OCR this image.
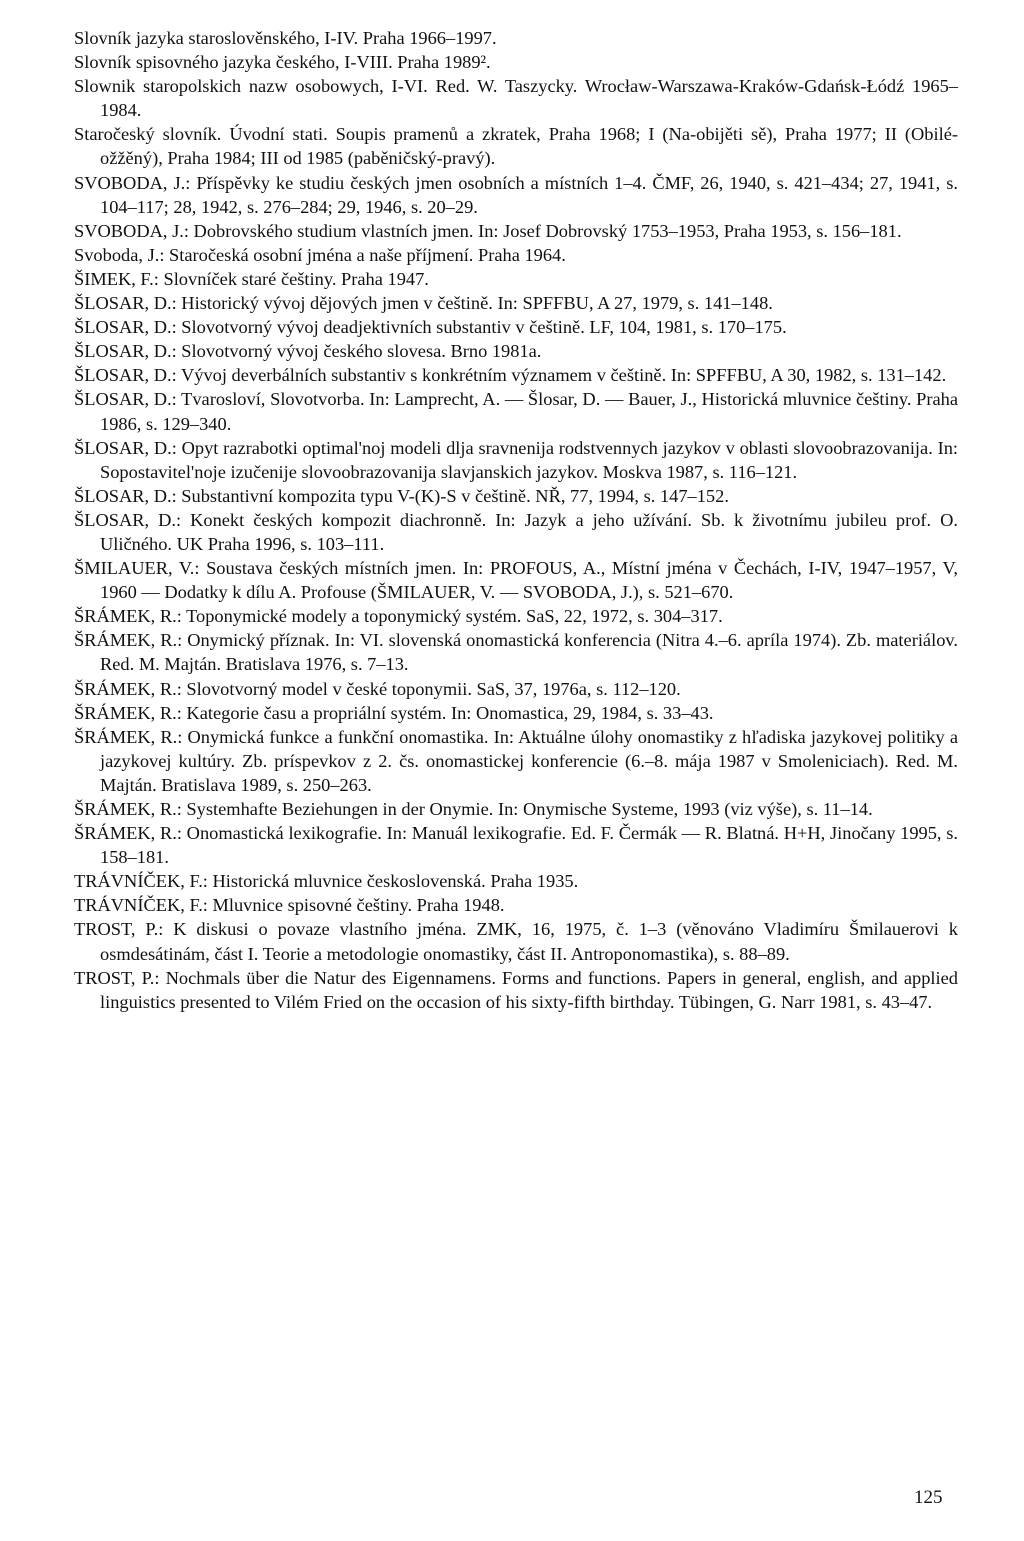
Slovník jazyka staroslověnského, I-IV. Praha 1966–1997.
Slovník spisovného jazyka českého, I-VIII. Praha 1989².
Slownik staropolskich nazw osobowych, I-VI. Red. W. Taszycky. Wrocław-Warszawa-Kraków-Gdańsk-Łódź 1965–1984.
Staročeský slovník. Úvodní stati. Soupis pramenů a zkratek, Praha 1968; I (Na-obijěti sě), Praha 1977; II (Obilé-ožžěný), Praha 1984; III od 1985 (paběničský-pravý).
SVOBODA, J.: Příspěvky ke studiu českých jmen osobních a místních 1–4. ČMF, 26, 1940, s. 421–434; 27, 1941, s. 104–117; 28, 1942, s. 276–284; 29, 1946, s. 20–29.
SVOBODA, J.: Dobrovského studium vlastních jmen. In: Josef Dobrovský 1753–1953, Praha 1953, s. 156–181.
Svoboda, J.: Staročeská osobní jména a naše příjmení. Praha 1964.
ŠIMEK, F.: Slovníček staré češtiny. Praha 1947.
ŠLOSAR, D.: Historický vývoj dějových jmen v češtině. In: SPFFBU, A 27, 1979, s. 141–148.
ŠLOSAR, D.: Slovotvorný vývoj deadjektivních substantiv v češtině. LF, 104, 1981, s. 170–175.
ŠLOSAR, D.: Slovotvorný vývoj českého slovesa. Brno 1981a.
ŠLOSAR, D.: Vývoj deverbálních substantiv s konkrétním významem v češtině. In: SPFFBU, A 30, 1982, s. 131–142.
ŠLOSAR, D.: Tvarosloví, Slovotvorba. In: Lamprecht, A. — Šlosar, D. — Bauer, J., Historická mluvnice češtiny. Praha 1986, s. 129–340.
ŠLOSAR, D.: Opyt razrabotki optimal'noj modeli dlja sravnenija rodstvennych jazykov v oblasti slovoobrazovanija. In: Sopostavitel'noje izučenije slovoobrazovanija slavjanskich jazykov. Moskva 1987, s. 116–121.
ŠLOSAR, D.: Substantivní kompozita typu V-(K)-S v češtině. NŘ, 77, 1994, s. 147–152.
ŠLOSAR, D.: Konekt českých kompozit diachronně. In: Jazyk a jeho užívání. Sb. k životnímu jubileu prof. O. Uličného. UK Praha 1996, s. 103–111.
ŠMILAUER, V.: Soustava českých místních jmen. In: PROFOUS, A., Místní jména v Čechách, I-IV, 1947–1957, V, 1960 — Dodatky k dílu A. Profouse (ŠMILAUER, V. — SVOBODA, J.), s. 521–670.
ŠRÁMEK, R.: Toponymické modely a toponymický systém. SaS, 22, 1972, s. 304–317.
ŠRÁMEK, R.: Onymický příznak. In: VI. slovenská onomastická konferencia (Nitra 4.–6. apríla 1974). Zb. materiálov. Red. M. Majtán. Bratislava 1976, s. 7–13.
ŠRÁMEK, R.: Slovotvorný model v české toponymii. SaS, 37, 1976a, s. 112–120.
ŠRÁMEK, R.: Kategorie času a propriální systém. In: Onomastica, 29, 1984, s. 33–43.
ŠRÁMEK, R.: Onymická funkce a funkční onomastika. In: Aktuálne úlohy onomastiky z hľadiska jazykovej politiky a jazykovej kultúry. Zb. príspevkov z 2. čs. onomastickej konferencie (6.–8. mája 1987 v Smoleniciach). Red. M. Majtán. Bratislava 1989, s. 250–263.
ŠRÁMEK, R.: Systemhafte Beziehungen in der Onymie. In: Onymische Systeme, 1993 (viz výše), s. 11–14.
ŠRÁMEK, R.: Onomastická lexikografie. In: Manuál lexikografie. Ed. F. Čermák — R. Blatná. H+H, Jinočany 1995, s. 158–181.
TRÁVNÍČEK, F.: Historická mluvnice československá. Praha 1935.
TRÁVNÍČEK, F.: Mluvnice spisovné češtiny. Praha 1948.
TROST, P.: K diskusi o povaze vlastního jména. ZMK, 16, 1975, č. 1–3 (věnováno Vladimíru Šmilauerovi k osmdesátinám, část I. Teorie a metodologie onomastiky, část II. Antroponomastika), s. 88–89.
TROST, P.: Nochmals über die Natur des Eigennamens. Forms and functions. Papers in general, english, and applied linguistics presented to Vilém Fried on the occasion of his sixty-fifth birthday. Tübingen, G. Narr 1981, s. 43–47.
125
